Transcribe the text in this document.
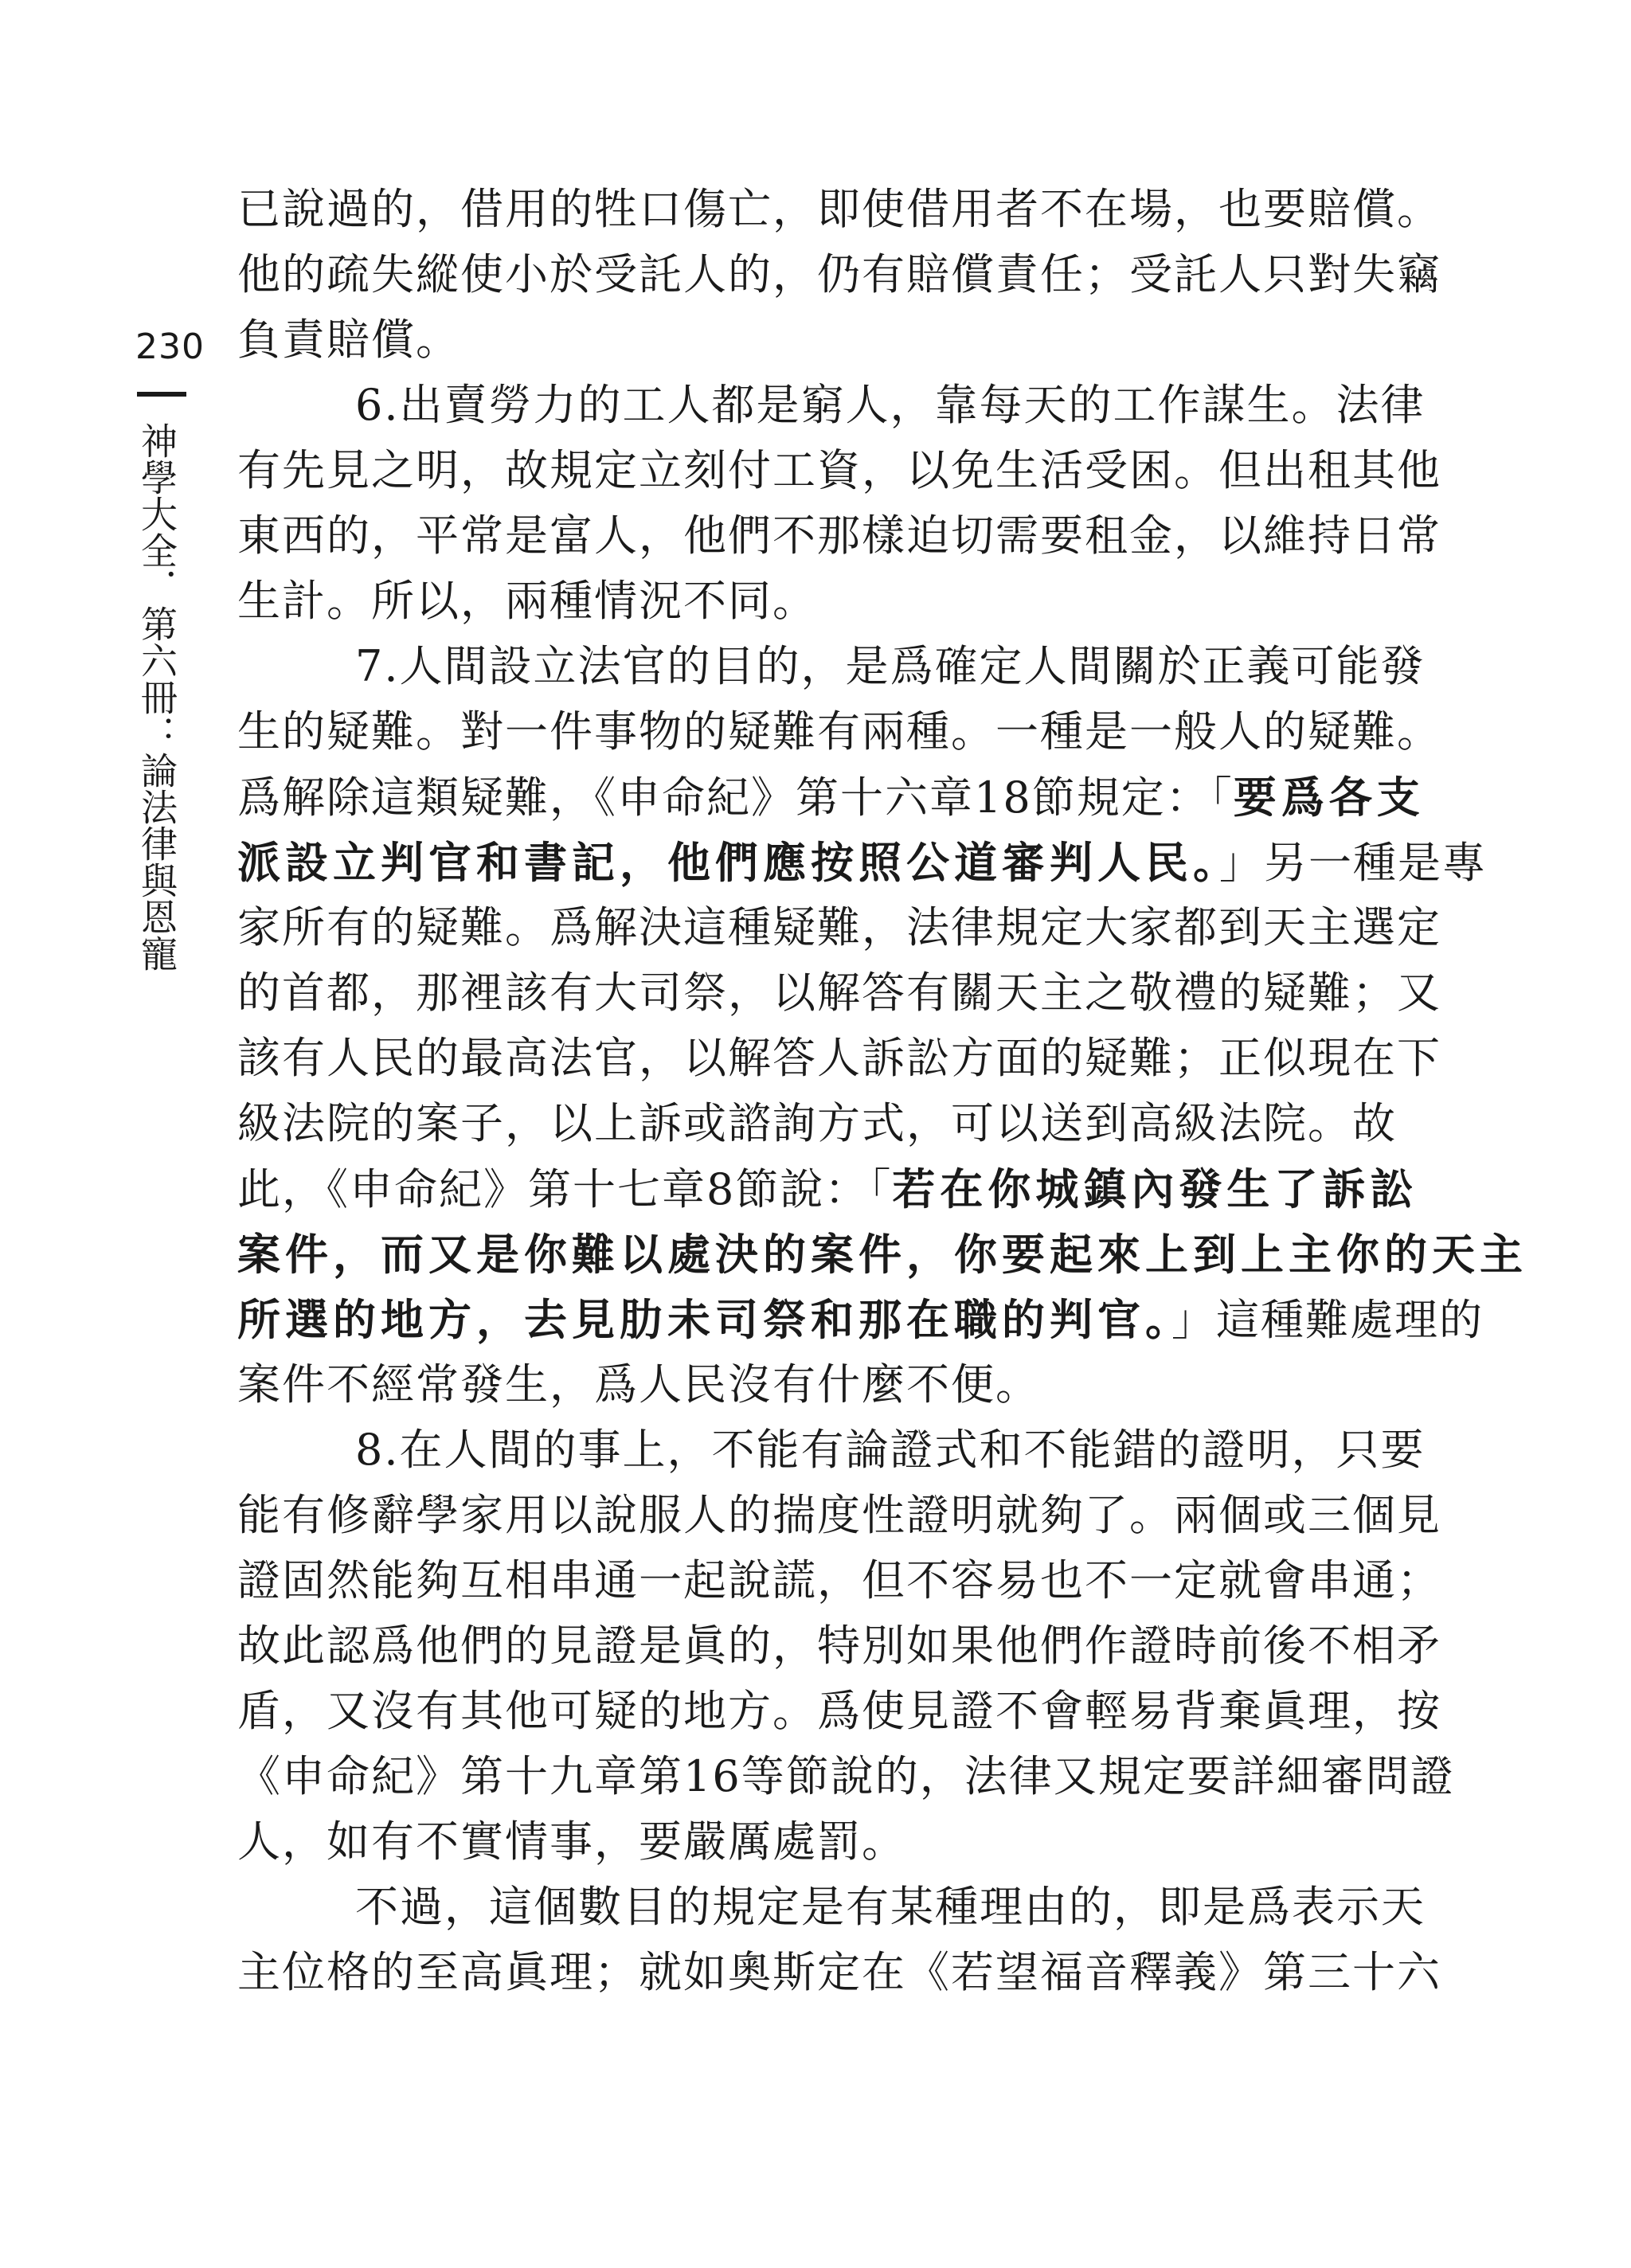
230
神學大全．第六冊：論法律與恩寵
已說過的，借用的牲口傷亡，即使借用者不在場，也要賠償。
他的疏失縱使小於受託人的，仍有賠償責任；受託人只對失竊
負責賠償。
6.出賣勞力的工人都是窮人，靠每天的工作謀生。法律
有先見之明，故規定立刻付工資，以免生活受困。但出租其他
東西的，平常是富人，他們不那樣迫切需要租金，以維持日常
生計。所以，兩種情況不同。
7.人間設立法官的目的，是爲確定人間關於正義可能發
生的疑難。對一件事物的疑難有兩種。一種是一般人的疑難。
爲解除這類疑難，《申命紀》第十六章18節規定：「要爲各支
派設立判官和書記，他們應按照公道審判人民。」另一種是專
家所有的疑難。爲解決這種疑難，法律規定大家都到天主選定
的首都，那裡該有大司祭，以解答有關天主之敬禮的疑難；又
該有人民的最高法官，以解答人訴訟方面的疑難；正似現在下
級法院的案子，以上訴或諮詢方式，可以送到高級法院。故
此，《申命紀》第十七章8節說：「若在你城鎮內發生了訴訟
案件，而又是你難以處決的案件，你要起來上到上主你的天主
所選的地方，去見肋未司祭和那在職的判官。」這種難處理的
案件不經常發生，爲人民沒有什麼不便。
8.在人間的事上，不能有論證式和不能錯的證明，只要
能有修辭學家用以說服人的揣度性證明就夠了。兩個或三個見
證固然能夠互相串通一起說謊，但不容易也不一定就會串通；
故此認爲他們的見證是眞的，特別如果他們作證時前後不相矛
盾，又沒有其他可疑的地方。爲使見證不會輕易背棄眞理，按
《申命紀》第十九章第16等節說的，法律又規定要詳細審問證
人，如有不實情事，要嚴厲處罰。
不過，這個數目的規定是有某種理由的，即是爲表示天
主位格的至高眞理；就如奧斯定在《若望福音釋義》第三十六
